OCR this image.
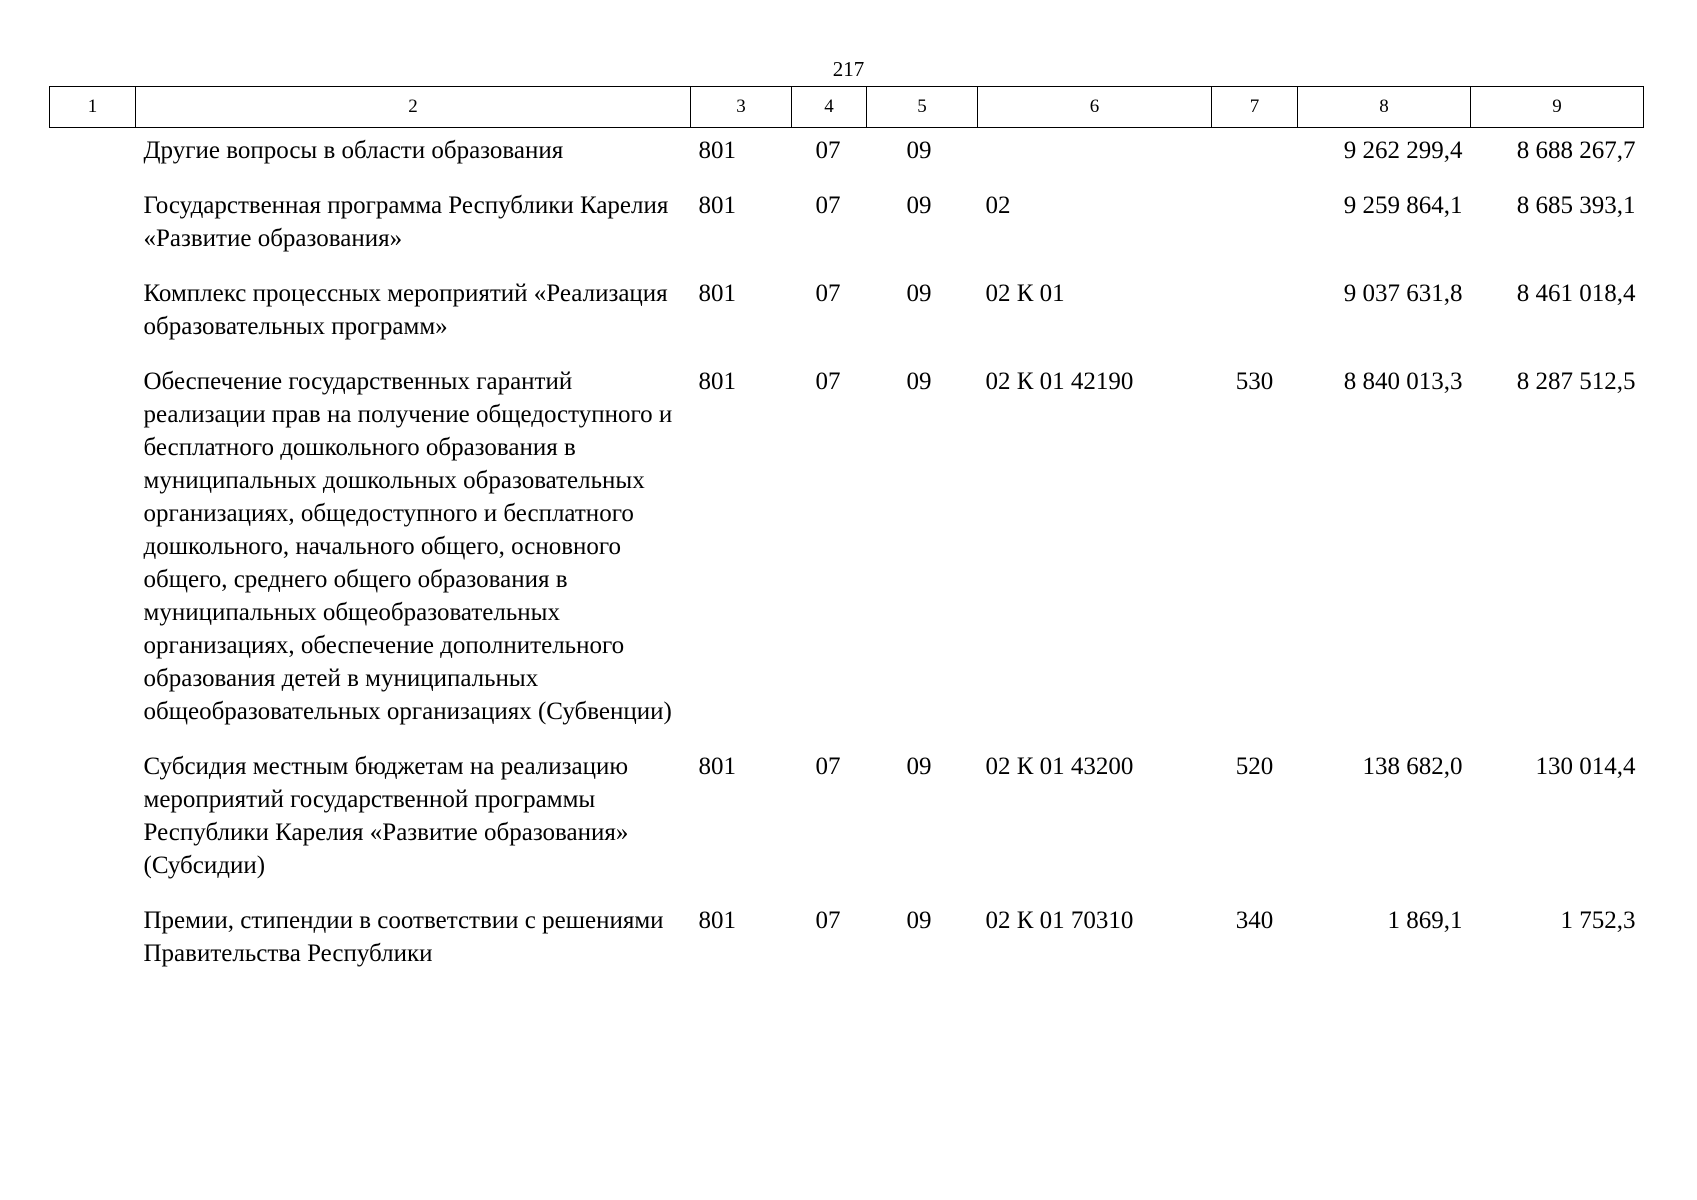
217
1	2	3	4	5	6	7	8	9
	Другие вопросы в области образования	801	07	09			9 262 299,4	8 688 267,7
	Государственная программа Республики Карелия «Развитие образования»	801	07	09	02		9 259 864,1	8 685 393,1
	Комплекс процессных мероприятий «Реализация образовательных программ»	801	07	09	02 К 01		9 037 631,8	8 461 018,4
	Обеспечение государственных гарантий реализации прав на получение общедоступного и бесплатного дошкольного образования в муниципальных дошкольных образовательных организациях, общедоступного и бесплатного дошкольного, начального общего, основного общего, среднего общего образования в муниципальных общеобразовательных организациях, обеспечение дополнительного образования детей в муниципальных общеобразовательных организациях (Субвенции)	801	07	09	02 К 01 42190	530	8 840 013,3	8 287 512,5
	Субсидия местным бюджетам на реализацию мероприятий государственной программы Республики Карелия «Развитие образования» (Субсидии)	801	07	09	02 К 01 43200	520	138 682,0	130 014,4
	Премии, стипендии в соответствии с решениями Правительства Республики	801	07	09	02 К 01 70310	340	1 869,1	1 752,3
